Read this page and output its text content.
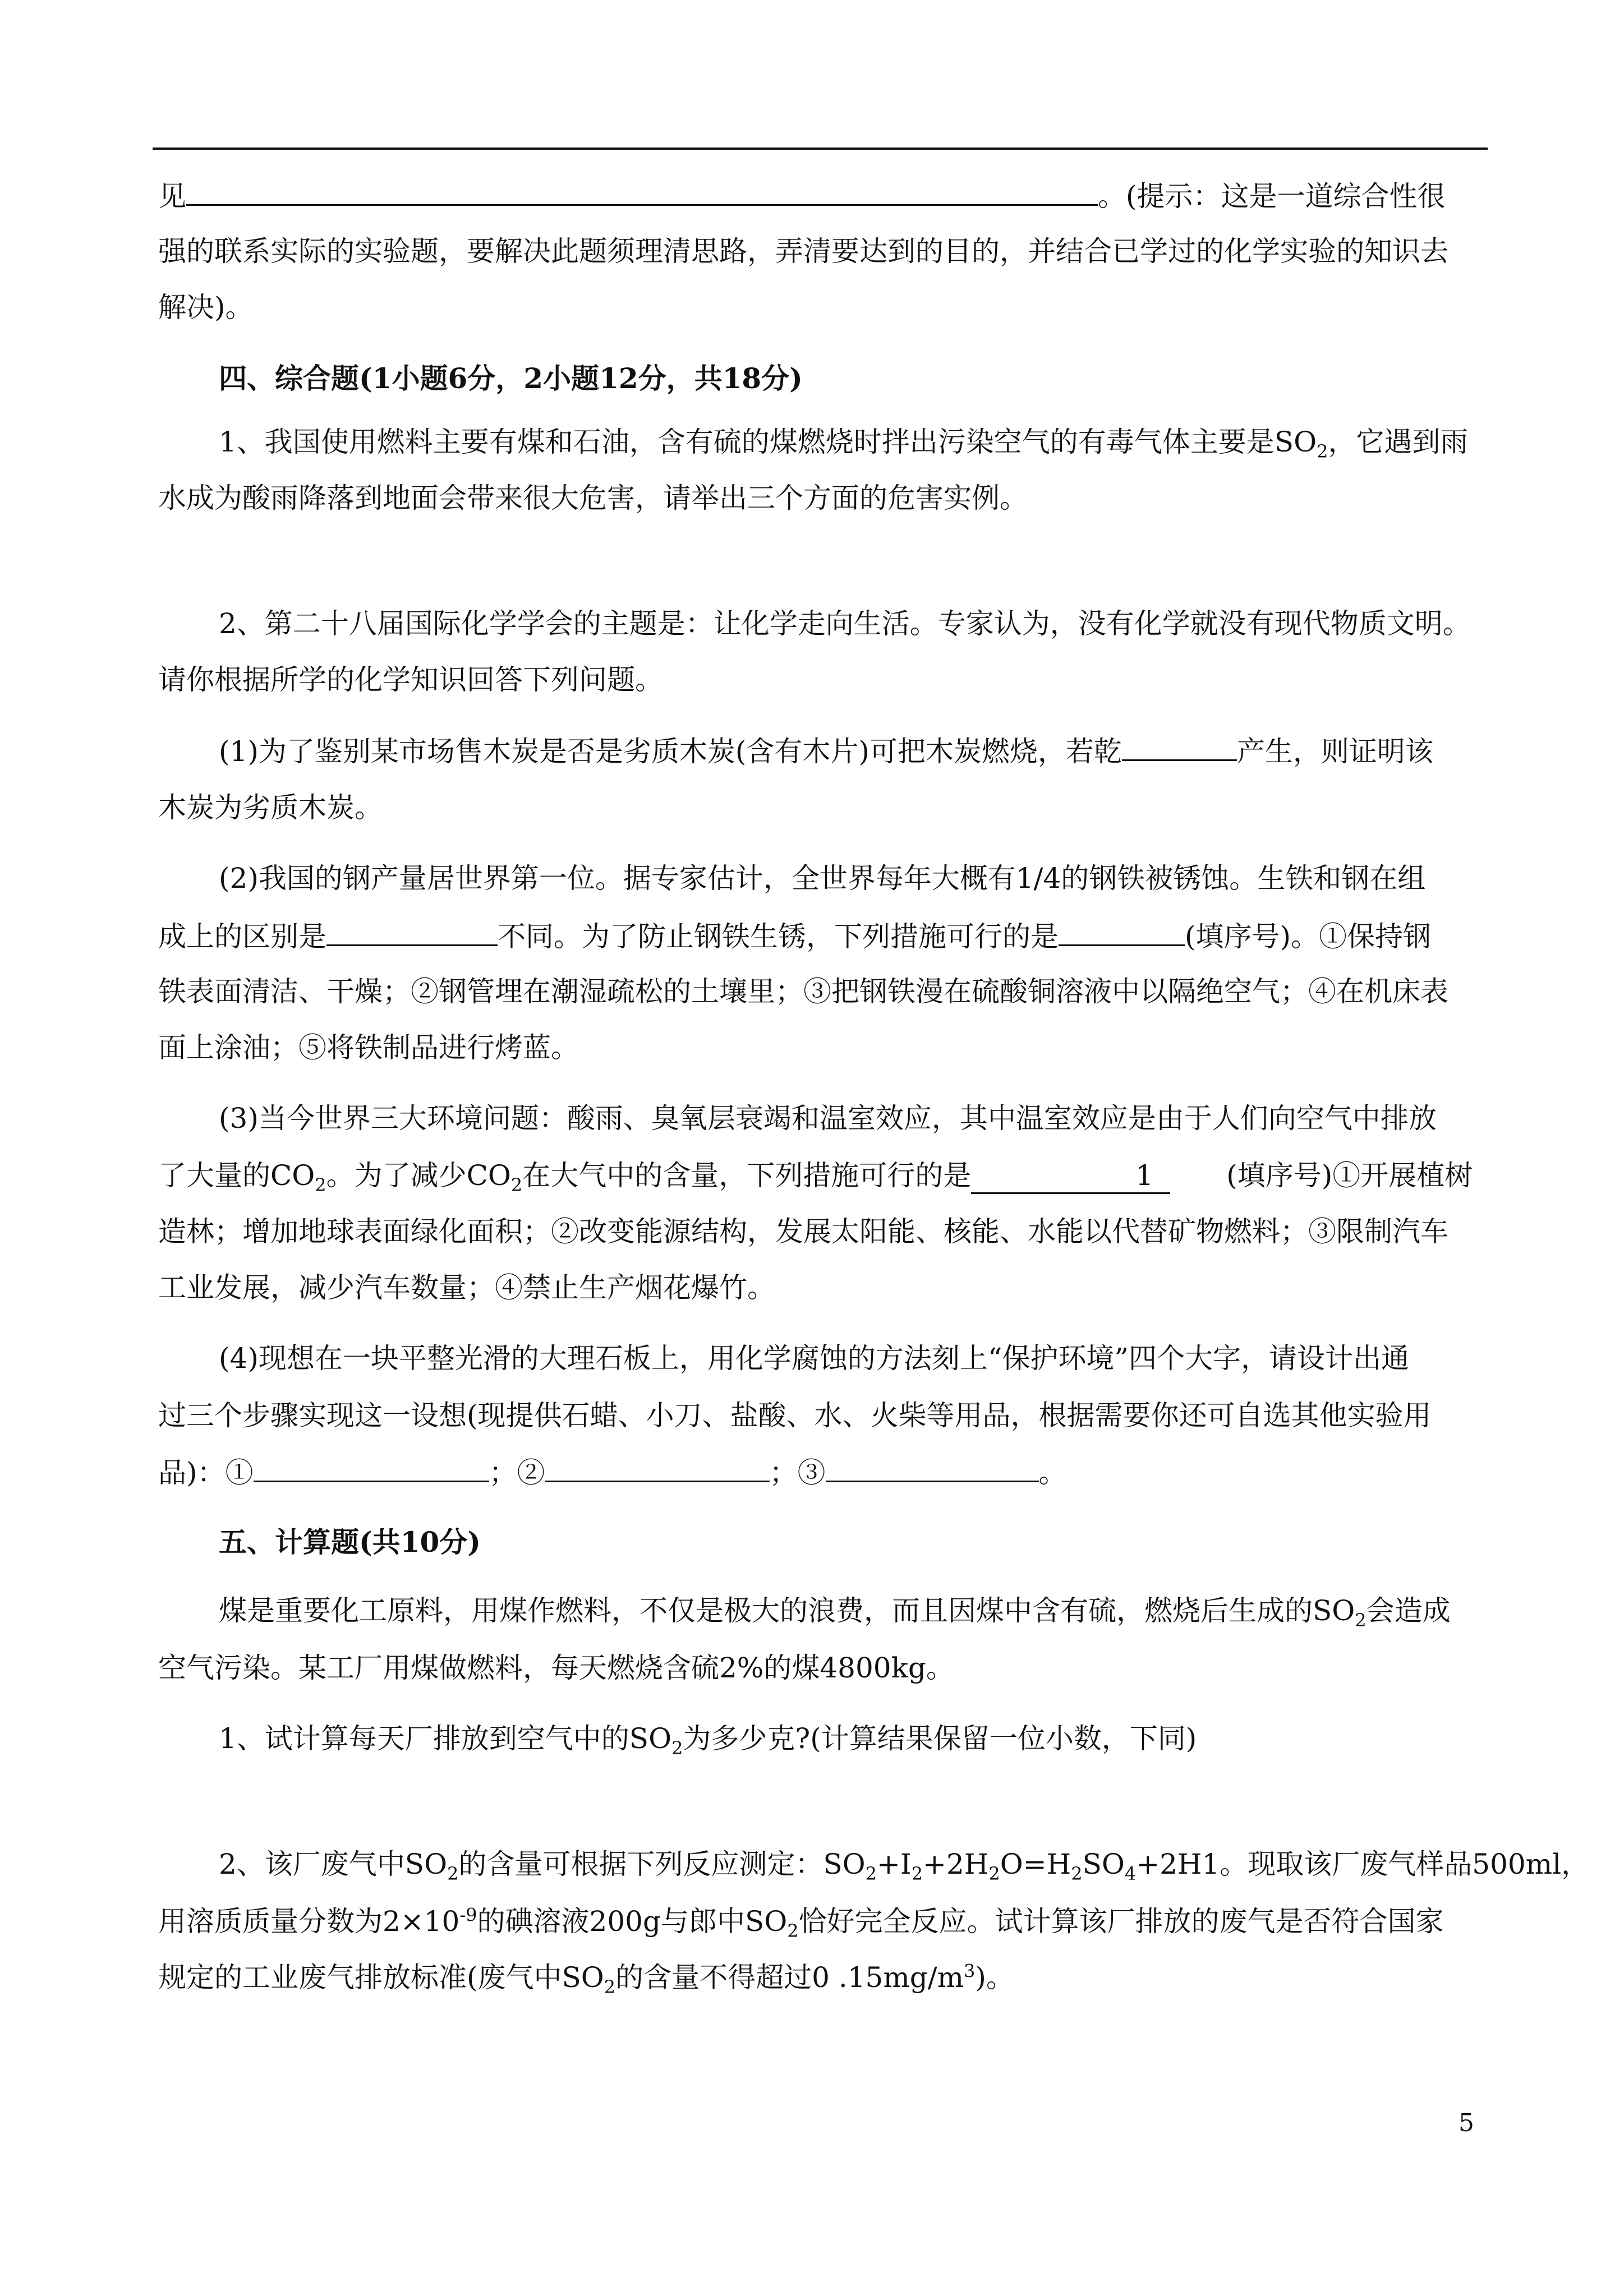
见	。(提示：这是一道综合性很
强的联系实际的实验题，要解决此题须理清思路，弄清要达到的目的，并结合已学过的化学实验的知识去
解决)。
四、综合题(1小题6分，2小题12分，共18分)
1、我国使用燃料主要有煤和石油，含有硫的煤燃烧时拌出污染空气的有毒气体主要是$SO_2$，它遇到雨
水成为酸雨降落到地面会带来很大危害，请举出三个方面的危害实例。
2、第二十八届国际化学学会的主题是：让化学走向生活。专家认为，没有化学就没有现代物质文明。
请你根据所学的化学知识回答下列问题。
(1)为了鉴别某市场售木炭是否是劣质木炭(含有木片)可把木炭燃烧，若乾	产生，则证明该
木炭为劣质木炭。
(2)我国的钢产量居世界第一位。据专家估计，全世界每年大概有1/4的钢铁被锈蚀。生铁和钢在组
成上的区别是	不同。为了防止钢铁生锈，下列措施可行的是	(填序号)。①保持钢
铁表面清洁、干燥；②钢管埋在潮湿疏松的土壤里；③把钢铁漫在硫酸铜溶液中以隔绝空气；④在机床表
面上涂油；⑤将铁制品进行烤蓝。
(3)当今世界三大环境问题：酸雨、臭氧层衰竭和温室效应，其中温室效应是由于人们向空气中排放
了大量的$CO_2$。为了减少$CO_2$在大气中的含量，下列措施可行的是	1	(填序号)①开展植树
造林；增加地球表面绿化面积；②改变能源结构，发展太阳能、核能、水能以代替矿物燃料；③限制汽车
工业发展，减少汽车数量；④禁止生产烟花爆竹。
(4)现想在一块平整光滑的大理石板上，用化学腐蚀的方法刻上“保护环境”四个大字，请设计出通
过三个步骤实现这一设想(现提供石蜡、小刀、盐酸、水、火柴等用品，根据需要你还可自选其他实验用
品)：①	；②	；③	。
五、计算题(共10分)
煤是重要化工原料，用煤作燃料，不仅是极大的浪费，而且因煤中含有硫，燃烧后生成的$SO_2$会造成
空气污染。某工厂用煤做燃料，每天燃烧含硫2%的煤4800kg。
1、试计算每天厂排放到空气中的$SO_2$为多少克?(计算结果保留一位小数，下同)
2、该厂废气中$SO_2$的含量可根据下列反应测定：$SO_2+I_2+2H_2O=H_2SO_4+2H1$。现取该厂废气样品500ml，
用溶质质量分数为$2\times 10^{-9}$的碘溶液200g与郎中$SO_2$恰好完全反应。试计算该厂排放的废气是否符合国家
规定的工业废气排放标准(废气中$SO_2$的含量不得超过0 $.15mg/m^3$)。
5
